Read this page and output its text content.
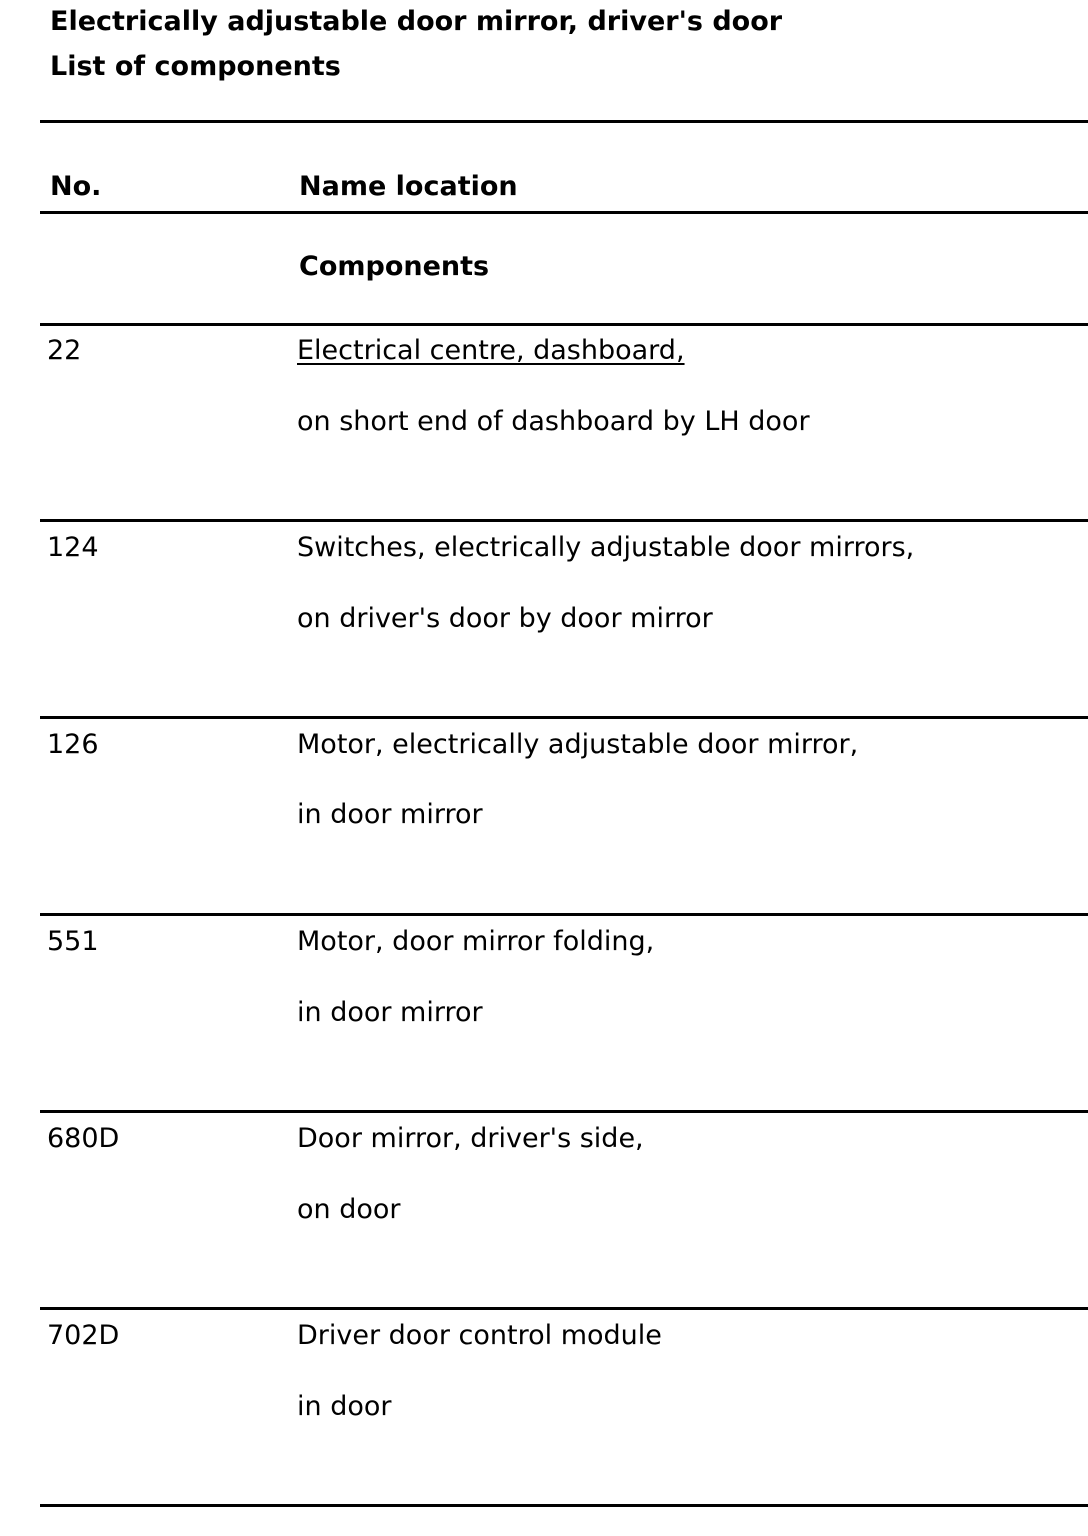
Electrically adjustable door mirror, driver's door
List of components
No.	Name location
Components
22	Electrical centre, dashboard,
on short end of dashboard by LH door
124	Switches, electrically adjustable door mirrors,
on driver's door by door mirror
126	Motor, electrically adjustable door mirror,
in door mirror
551	Motor, door mirror folding,
in door mirror
680D	Door mirror, driver's side,
on door
702D	Driver door control module
in door
